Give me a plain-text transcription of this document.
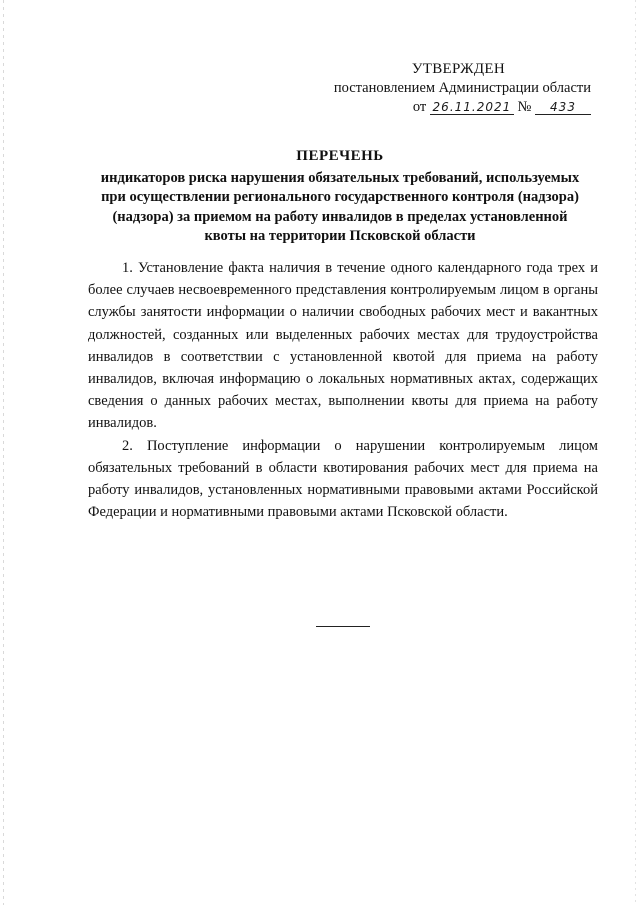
УТВЕРЖДЕН
постановлением Администрации области
от 26.11.2021 № 433
ПЕРЕЧЕНЬ
индикаторов риска нарушения обязательных требований, используемых
при осуществлении регионального государственного контроля (надзора)
(надзора) за приемом на работу инвалидов в пределах установленной
квоты на территории Псковской области

1. Установление факта наличия в течение одного календарного года трех и более случаев несвоевременного представления контролируемым лицом в органы службы занятости информации о наличии свободных рабочих мест и вакантных должностей, созданных или выделенных рабочих местах для трудоустройства инвалидов в соответствии с установленной квотой для приема на работу инвалидов, включая информацию о локальных нормативных актах, содержащих сведения о данных рабочих местах, выполнении квоты для приема на работу инвалидов.

2. Поступление информации о нарушении контролируемым лицом обязательных требований в области квотирования рабочих мест для приема на работу инвалидов, установленных нормативными правовыми актами Российской Федерации и нормативными правовыми актами Псковской области.
